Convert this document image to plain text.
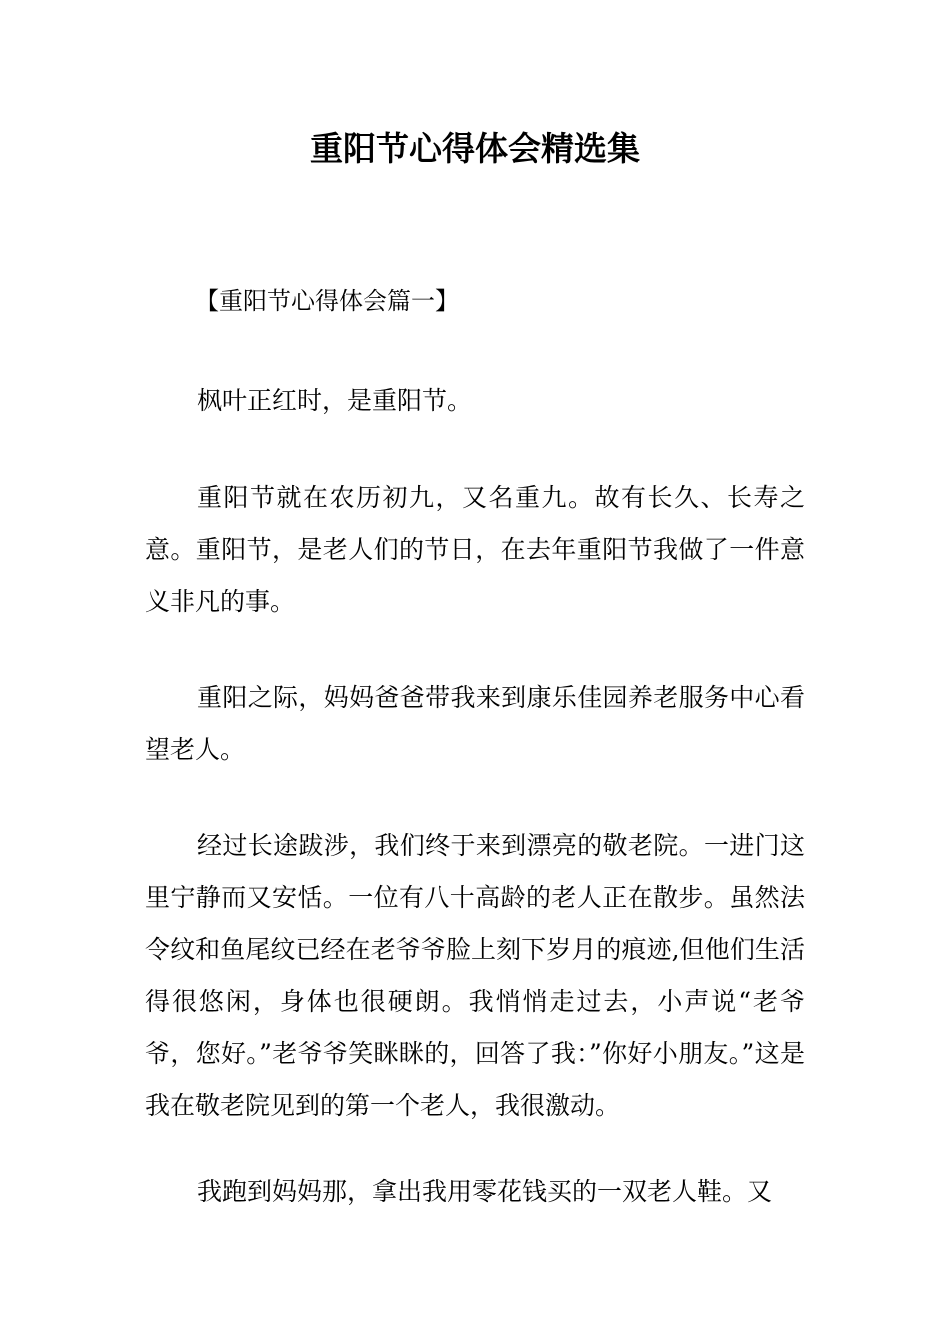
重阳节心得体会精选集

【重阳节心得体会篇一】

枫叶正红时，是重阳节。

重阳节就在农历初九，又名重九。故有长久、长寿之意。重阳节，是老人们的节日，在去年重阳节我做了一件意义非凡的事。

重阳之际，妈妈爸爸带我来到康乐佳园养老服务中心看望老人。

经过长途跋涉，我们终于来到漂亮的敬老院。一进门这里宁静而又安恬。一位有八十高龄的老人正在散步。虽然法令纹和鱼尾纹已经在老爷爷脸上刻下岁月的痕迹,但他们生活得很悠闲，身体也很硬朗。我悄悄走过去，小声说“老爷爷，您好。”老爷爷笑眯眯的，回答了我：”你好小朋友。”这是我在敬老院见到的第一个老人，我很激动。

我跑到妈妈那，拿出我用零花钱买的一双老人鞋。又
